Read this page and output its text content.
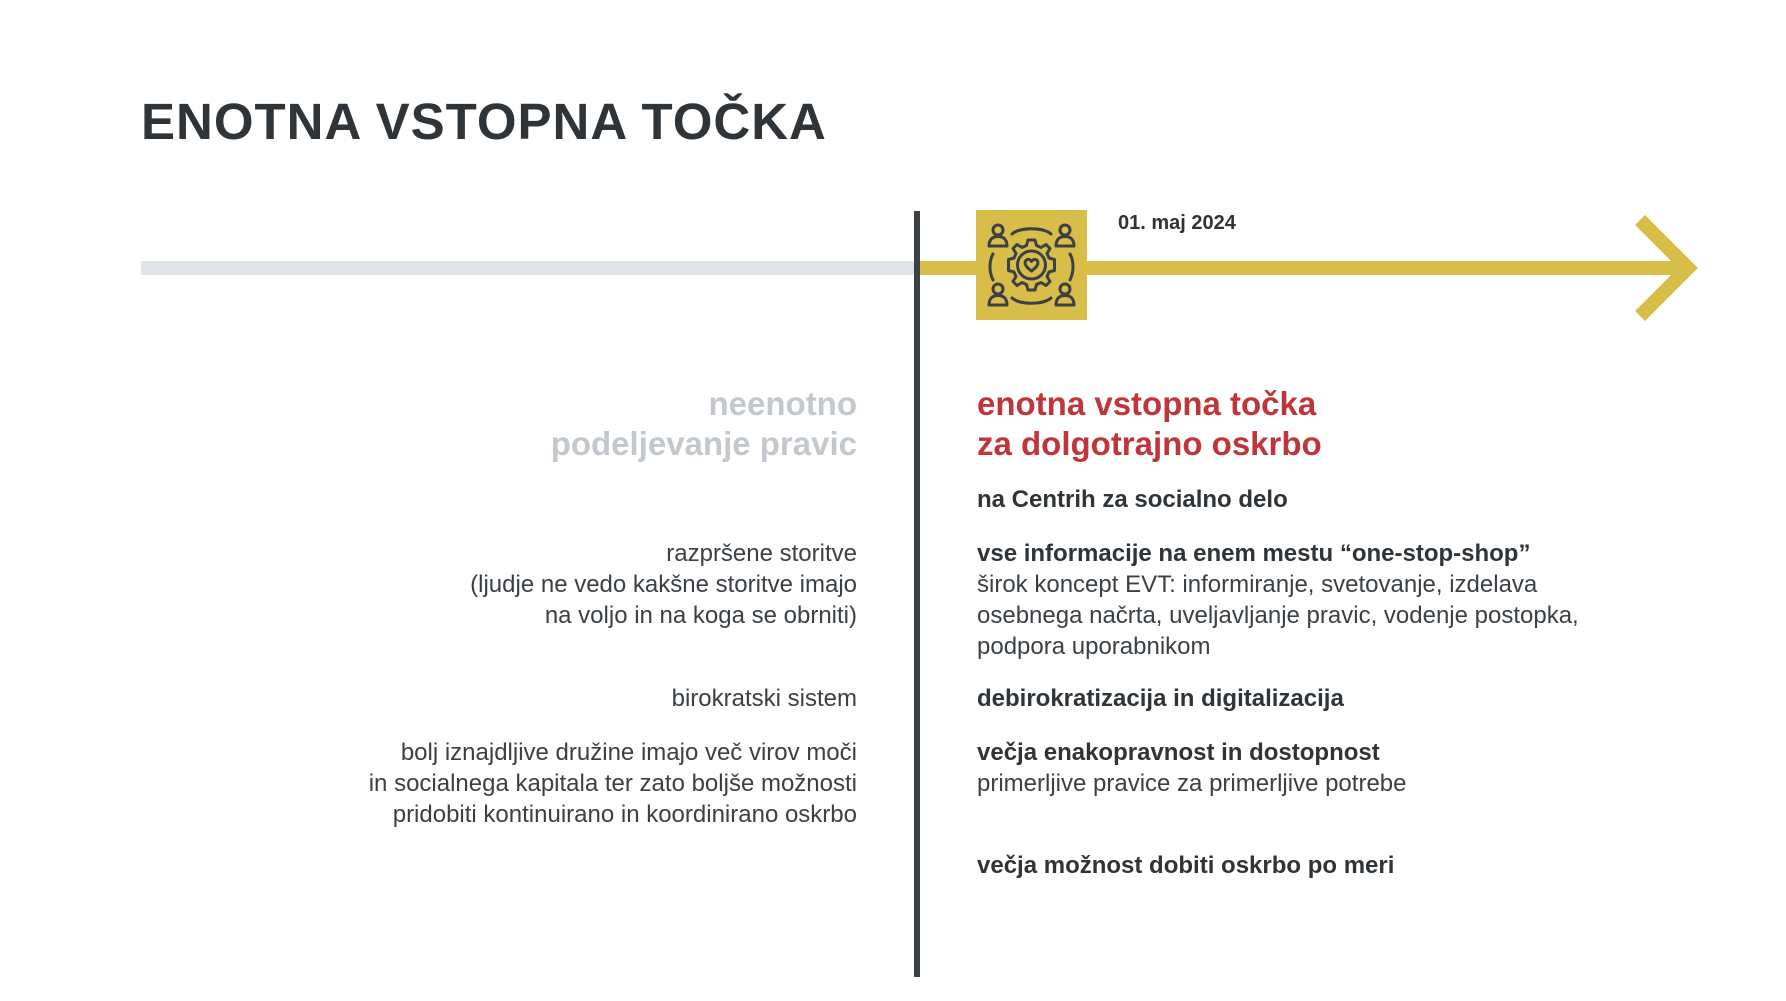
ENOTNA VSTOPNA TOČKA
01. maj 2024
neenotno
podeljevanje pravic
razpršene storitve
(ljudje ne vedo kakšne storitve imajo
na voljo in na koga se obrniti)
birokratski sistem
bolj iznajdljive družine imajo več virov moči
in socialnega kapitala ter zato boljše možnosti
pridobiti kontinuirano in koordinirano oskrbo
enotna vstopna točka
za dolgotrajno oskrbo
na Centrih za socialno delo
vse informacije na enem mestu “one-stop-shop”
širok koncept EVT: informiranje, svetovanje, izdelava
osebnega načrta, uveljavljanje pravic, vodenje postopka,
podpora uporabnikom
debirokratizacija in digitalizacija
večja enakopravnost in dostopnost
primerljive pravice za primerljive potrebe
večja možnost dobiti oskrbo po meri
